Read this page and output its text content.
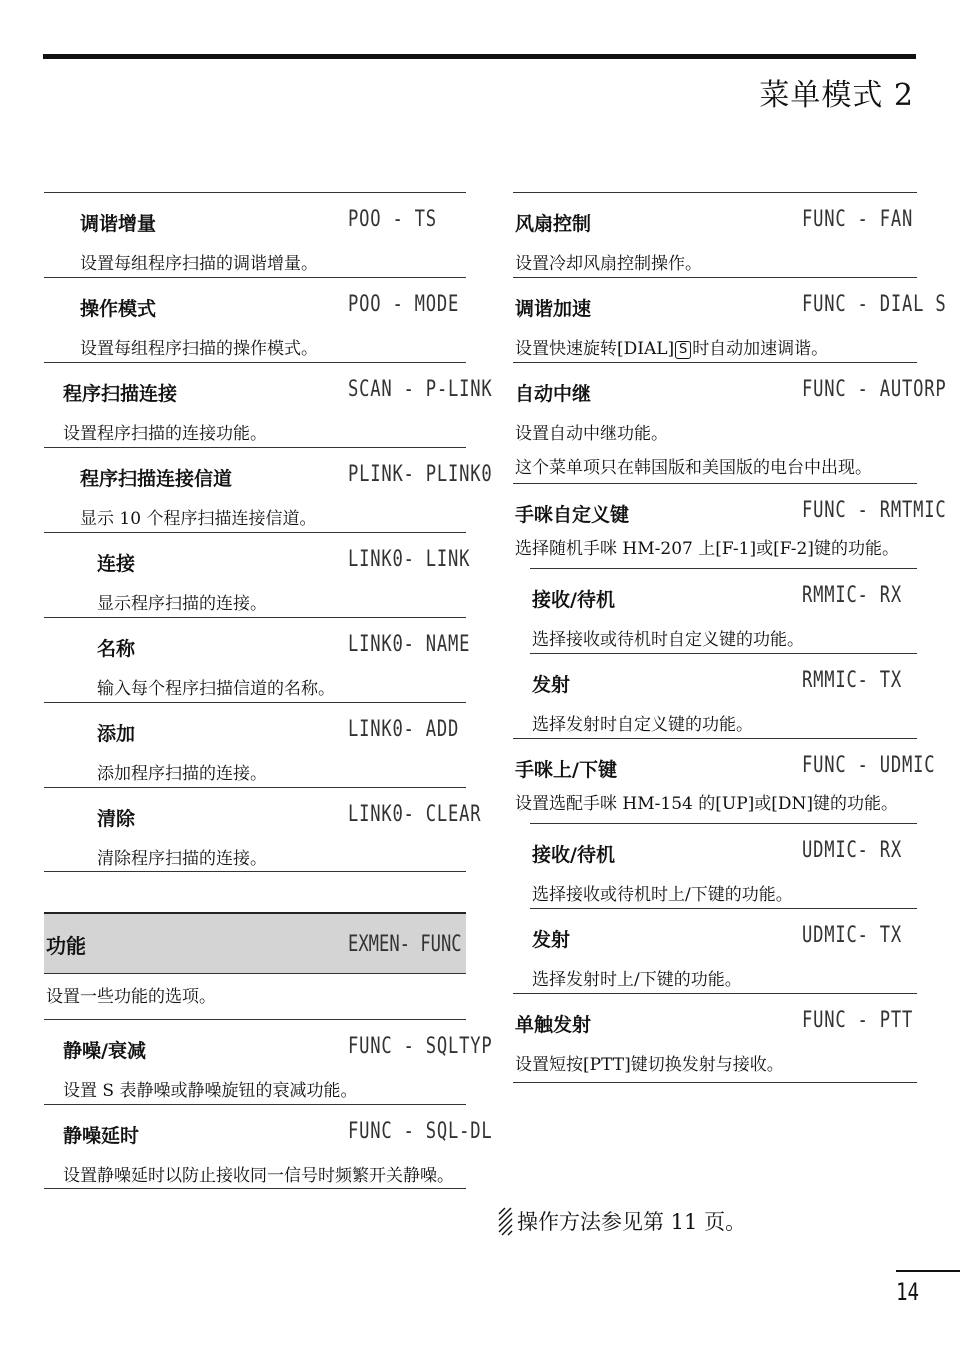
菜单模式 2
调谐增量	POO - TS
设置每组程序扫描的调谐增量。
操作模式	POO - MODE
设置每组程序扫描的操作模式。
程序扫描连接	SCAN - P-LINK
设置程序扫描的连接功能。
程序扫描连接信道	PLINK- PLINK0
显示 10 个程序扫描连接信道。
连接	LINK0- LINK
显示程序扫描的连接。
名称	LINK0- NAME
输入每个程序扫描信道的名称。
添加	LINK0- ADD
添加程序扫描的连接。
清除	LINK0- CLEAR
清除程序扫描的连接。
功能	EXMEN- FUNC
设置一些功能的选项。
静噪/衰减	FUNC - SQLTYP
设置 S 表静噪或静噪旋钮的衰减功能。
静噪延时	FUNC - SQL-DL
设置静噪延时以防止接收同一信号时频繁开关静噪。
风扇控制	FUNC - FAN
设置冷却风扇控制操作。
调谐加速	FUNC - DIAL S
设置快速旋转[DIAL] S 时自动加速调谐。
自动中继	FUNC - AUTORP
设置自动中继功能。
这个菜单项只在韩国版和美国版的电台中出现。
手咪自定义键	FUNC - RMTMIC
选择随机手咪 HM-207 上[F-1]或[F-2]键的功能。
接收/待机	RMMIC- RX
选择接收或待机时自定义键的功能。
发射	RMMIC- TX
选择发射时自定义键的功能。
手咪上/下键	FUNC - UDMIC
设置选配手咪 HM-154 的[UP]或[DN]键的功能。
接收/待机	UDMIC- RX
选择接收或待机时上/下键的功能。
发射	UDMIC- TX
选择发射时上/下键的功能。
单触发射	FUNC - PTT
设置短按[PTT]键切换发射与接收。
操作方法参见第 11 页。
14
